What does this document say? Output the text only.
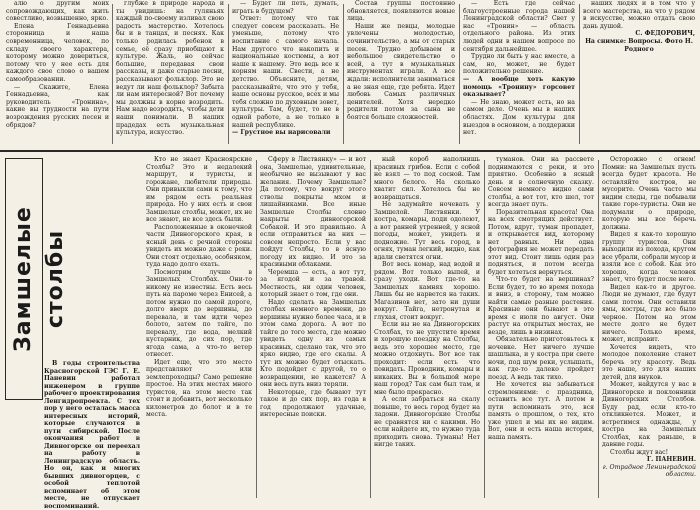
алю о другим моих сопровождающих, как жить совестливо, возвышенно, ярко.

Елена Геннадьевна сторонница и наша современница, человек, по складу своего характера, которому можно довериться, потому что у нее есть для каждого свое слово о вашем самообразовании.

— Скажите, Елена Геннадьевна, как руководитель «Тронина», какие вы трудности на пути возрождения русских песен и обрядов?

глубже в природе народа и ты увидишь: на гуляньях каждый по-своему изливал свою радость мастерство. Хотелось бы и в танцах, и песнях. Как только родилась ребенок в семье, её сразу приобщают к культуре. Жаль, но сейчас большие, передавая свои рассказы, и даже старые песни, рассказывают фольклор. Это не ведут ли наш фольклор? Забыта ли нам интересной? Вот почему мы должны в корне возродить. Нам надо возродить, чтобы дети наши понимали. В наших прадедах есть музыкальная культура, искусство.

— Будет ли петь, думать, играть в будущем?

Ответ: потому что так следует совсем рассказать. Не уменьше, потому что воспитание с самого начала. Нам другого что накопить и национальные костюмы, а вот наше к нашему. Это ведь все к корням наши. Свести, а не детство. Объясните, детям, рассказывайте, что это у тебя, наше основы русское, всех и мы тебя сложно по духовным зовет, культуры. Там, будет, то не в одной работе, а не только в нашей республике.

— Грустное вы нарисовали

Состав группы постоянно обновляется, появляются новые лица.

Наши же певцы, молодые увлечены молодостью, сочинительство, а мы от старых песен. Трудно добываем и небольшое свидетельство о всей, а тут в музыкальных инструментах играли. А все ждали: исполнители заниматься а не зная еще, где ребята. Идет любовь Самых различных ценителей. Хотя нередко родители потом за сына не боятся больше сложностей.

— Есть где сейчас благоустроенные города нашей Ленинградской области? Свет у нас «Тронин» — область отдельного района. Из этих людей одни в нашем вопросе по сентября дальнейшее.

Трудно ли быть у нас вместе, а сам, но, может, не будет положительно решение.

— А вообще хоть какую помощь «Тронину» горсовет оказывает?

— Не знаю, может есть, но на самом деле. Очень мы в наших областях. Дом культуры для выездов в основном, а поддержки нет.

наших людях и в том что у всего мастерства, на что у рядом в искусстве, можно отдать свою дань душой.

С. ФЕДОРОВИЧ,

На снимке: Вопросы. Фото Н. Родного

Замшелые столбы

В годы строительства Красногорской ГЭС Г. Е. Паневин работал инженером в группе рабочего проектирования Ленгидропроекта. С тех пор у него осталась масса интересных историй, которые случаются в пути сибирской. После окончания работ в Дивногорске он переехал на работу в Ленинградскую область. Но он, как и многих бывших дивногорцев, с особой теплотой вспоминает об этом месте, не отпускает воспоминаний.

Кто не знает Красноярские Столбы? Это и недалекий маршрут, и туристы, и горожане, любители природы. Они привыкли сами к тому, что им рядом есть реальная природа. Но у них есть и свои Замшелые столбы, может, их не все знают, не все здесь были.

Расположенные в оконечной части Дивногорского края, в ясный день с речной стороны увидеть их можно даже с реки. Они стоят отдельно, особняком, туда надо долго ехать.

Посмотрим лучше в Замшелых Столбах. Они-то никому не известны. Есть весь путь на пароме через Енисей, а потом нужно по самой дороге, долго вверх до вершины, до перевала, и там идти через болото, затем по тайге, по перевалу, где вода, мелкий кустарник, до сих пор, где ягода сама, а что-то ветер отнесет.

Идет еще, что это место представляют или землепроходцы? Само решение простое. На этих местах много туристов, на этом месте так стоит и добавить, вот несколько километров до болот и в те места.

Сферу в Листвянку» — и вот она, Замшелые, удивительные, необычно не вызывают у вас желания. Почему Замшелые? Да потому, что вокруг этого стволы покрыты мхом и лишайниками. Все иные Замшелые Столбы словно накрыты дивногорской Собакой. И это правильно. А если отправиться на них — совсем непросто. Если у вас пойдут Столбы, то в ясную погоду их видно. И это за красивыми облаками.

Черемша — есть, а вот тут, за ягодой и за травой. Местность, ни один человек, который знает о том, где они.

Надо сделать на Замшелых столбах немного времени, до вершины нужно более часа, и в этом сама дорога. А вот по тайге до того места, где можно увидеть одну из самых красивых, сделано так, что это ярко видно, где его скалы. А тут их можно будет отыскать. Кто подойдет с другой, то о возвращении, не кажется? А они весь путь вниз теряли.

Некоторые, где бывают тут такое и до сих пор, из года в год продолжают удачные, интересные поиски.

ный короб наполнишь красивых грибов. Если с собой не взял — то под сосной. Там много белого. На сколько хватит сил. Хотелось бы не возвращаться.

Не задумайте ночевать у Замшелой. Листвянки. У костра, комары, поди одолеют, а вот ранней утренней, у ясной погоды, может, увидеть и подножие. Тут весь город, в огнях, туман легкий, видно, как вдали светятся огни.

Вот весь комар, над водой и рядом. Вот только выпей, и сразу уходи. Вот где-то на Замшелых камнях хорошо. Лишь бы не нарвется на таких. Магазинов нет, зато ни души вокруг. Тайга, нетронутая и глухая, стоит вокруг.

Если вы не на Дивногорских Столбах, то не упустите время и хорошую поездку на Столбы, ведь это хорошее место, где можно отдохнуть. Вот все так проходит: если есть что повидать. Проводник, комары и никаких. Вы в большой мере наш город? Так сам был там, и мне было прекрасно.

А если забраться на скалу повыше, то весь город будет на ладони. Дивногорские Столбы не сравнятся ни с какими. Но если найдете их, то нужно туда приходить снова. Туманы! Нет нигде таких.

туманов. Они на рассвете поднимаются с реки, и это приятно. Особенно в ясный день и в солнечную сказку. Совсем немного видно сами столбы, а вот тот, кто шел, тот всегда знает путь.

Поразительная красота! Она на всех смотрящих действует. Потом, вдруг, туман пропадет, и открывается вид, которому нет равных. Ни одна фотография не может передать этот вид. Стоит лишь один раз подняться, и потом всегда будет хотеться вернуться.

Что-то будет на вершинах? Если будет, то во время похода и вниз, в сторону, там можно найти самые разные растения. Красивые они бывают в это время с июля по август. Они растут на открытых местах, не везде, лишь в низинах.

Обязательно приготовьтесь к ночевке. Нет ничего лучше шашлыка, и у костра при свете ночи, под шум реки, услышать, как где-то далеко пройдет поезд. А ведь так тихо.

Не хочется вы забываться стремлениями: с праздника, оставить все тут. А потом в пути вспоминать это, вся память о прошлом, о тех, кто уже ушел и мы их не видим. Вот, они и есть наша история, наша память.

Осторожно с огнем! Помни: на Замшелых пусть всегда будет красота. Не оставляйте костров, не мусорите. Очень часто мы видим следы, где побывали такие горе-туристы. Они не подумали о природе, которую мы все беречь должны.

Видел я как-то хорошую группу туристов. Они выходили из похода, кругом все убрали, собрали мусор и взяли все с собой. Как это хорошо, когда человек знает, что будет после него.

Видел как-то и другое. Люди не думают, где будут сами потом. Они оставили ямы, костры, где все было черное. Потом на этом месте долго не будет ничего. Только время, может, исправит.

Хочется видеть, что молодое поколение станет беречь эту красоту. Ведь это наше, это для наших детей, для внуков.

Может, найдутся у вас в Дивногорске и поклонники Дивногорских Столбов. Буду рад, если кто-то откликнется. Может, и встретимся однажды, у костра на Замшелых Столбах, как раньше, в давние годы.

Столбы ждут вас!

Г. ПАНЕВИН.

г. Отрадное Ленинградской области.
